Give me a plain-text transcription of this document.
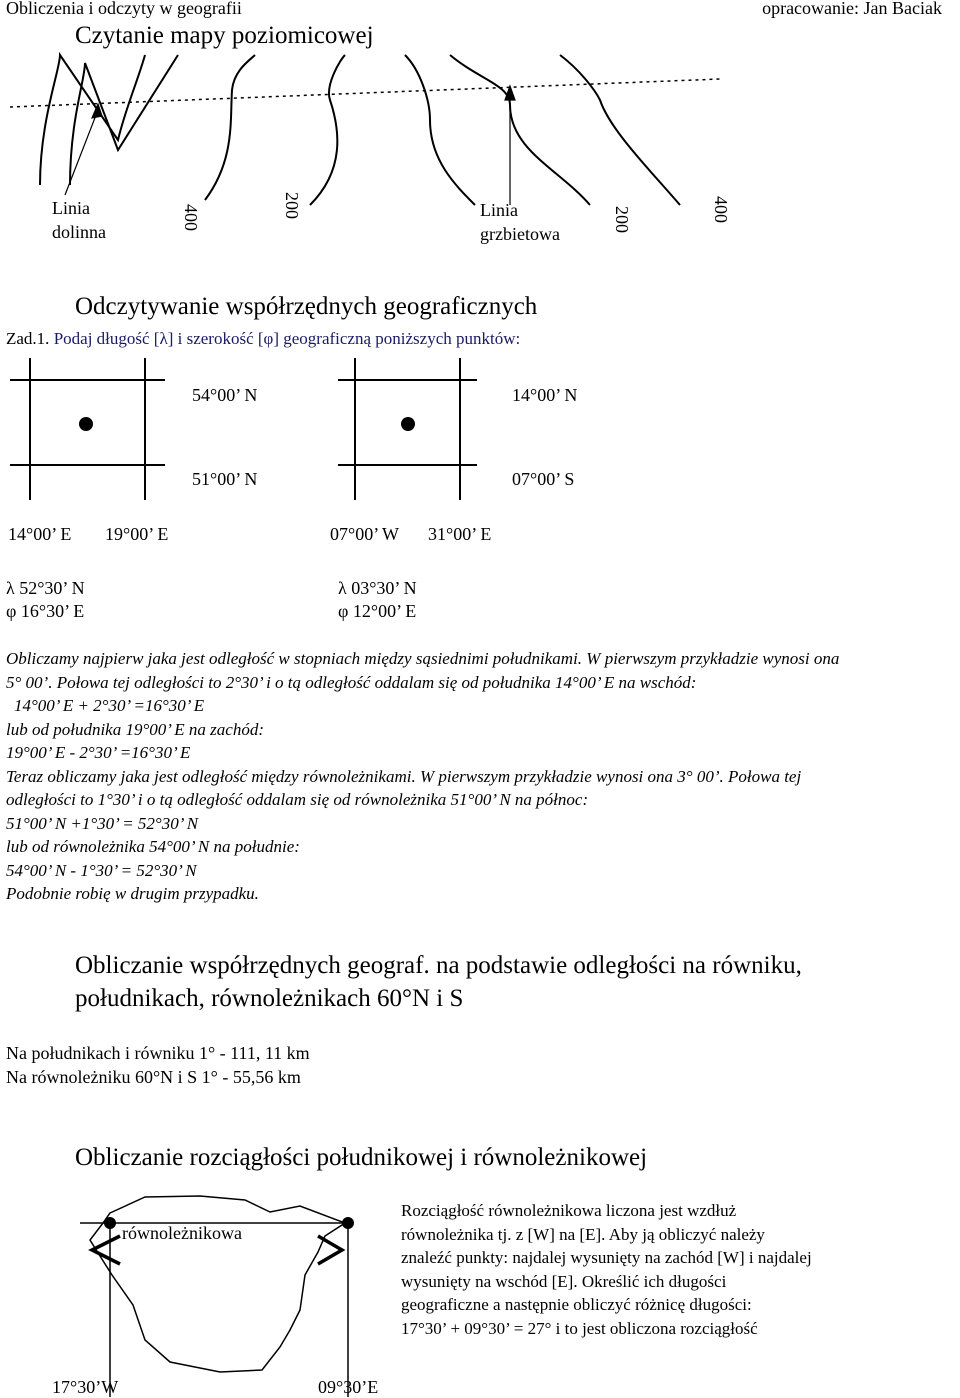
Obliczenia i odczyty w geografii	opracowanie: Jan Baciak
Czytanie mapy poziomicowej
Linia
dolinna
400	200	Linia
grzbietowa
200	400
Odczytywanie współrzędnych geograficznych
Zad.1. Podaj długość [λ] i szerokość [φ] geograficzną poniższych punktów:
54°00’ N
51°00’ N
14°00’ E 19°00’ E
14°00’ N
07°00’ S
07°00’ W 31°00’ E
λ 52°30’ N
φ 16°30’ E
λ 03°30’ N
φ 12°00’ E
Obliczamy najpierw jaka jest odległość w stopniach między sąsiednimi południkami. W pierwszym przykładzie wynosi ona
5° 00’. Połowa tej odległości to 2°30’ i o tą odległość oddalam się od południka 14°00’ E na wschód:
14°00’ E + 2°30’ =16°30’ E
lub od południka 19°00’ E na zachód:
19°00’ E - 2°30’ =16°30’ E
Teraz obliczamy jaka jest odległość między równoleżnikami. W pierwszym przykładzie wynosi ona 3° 00’. Połowa tej
odległości to 1°30’ i o tą odległość oddalam się od równoleżnika 51°00’ N na północ:
51°00’ N +1°30’ = 52°30’ N
lub od równoleżnika 54°00’ N na południe:
54°00’ N - 1°30’ = 52°30’ N
Podobnie robię w drugim przypadku.
Obliczanie współrzędnych geograf. na podstawie odległości na równiku,
południkach, równoleżnikach 60°N i S
Na południkach i równiku 1° - 111, 11 km
Na równoleżniku 60°N i S 1° - 55,56 km
Obliczanie rozciągłości południkowej i równoleżnikowej
równoleżnikowa
Rozciągłość równoleżnikowa liczona jest wzdłuż
równoleżnika tj. z [W] na [E]. Aby ją obliczyć należy
znaleźć punkty: najdalej wysunięty na zachód [W] i najdalej
wysunięty na wschód [E]. Określić ich długości
geograficzne a następnie obliczyć różnicę długości:
17°30’ + 09°30’ = 27° i to jest obliczona rozciągłość
17°30’W	09°30’E
